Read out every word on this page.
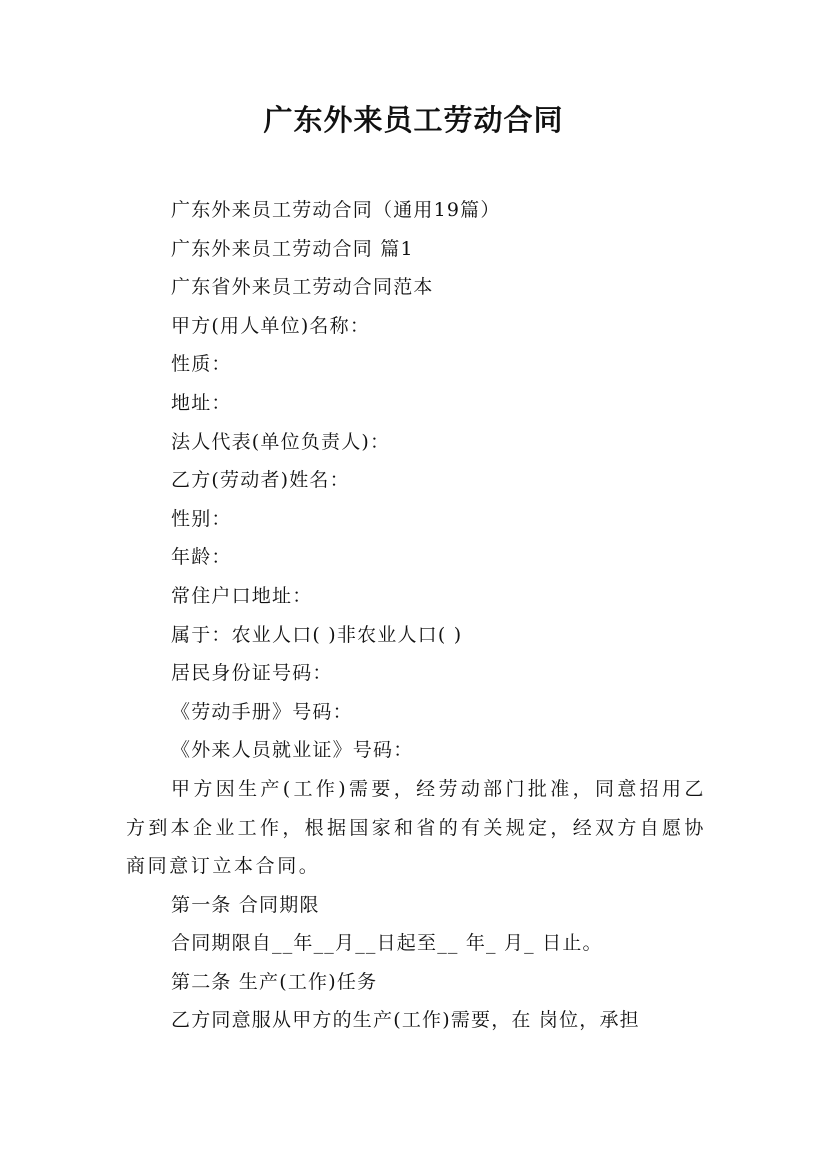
广东外来员工劳动合同

广东外来员工劳动合同（通用19篇）

广东外来员工劳动合同 篇1

广东省外来员工劳动合同范本

甲方(用人单位)名称：

性质：

地址：

法人代表(单位负责人)：

乙方(劳动者)姓名：

性别：

年龄：

常住户口地址：

属于：农业人口( )非农业人口( )

居民身份证号码：

《劳动手册》号码：

《外来人员就业证》号码：

甲方因生产(工作)需要，经劳动部门批准，同意招用乙方到本企业工作，根据国家和省的有关规定，经双方自愿协商同意订立本合同。

第一条 合同期限

合同期限自__年__月__日起至__ 年_ 月_ 日止。

第二条 生产(工作)任务

乙方同意服从甲方的生产(工作)需要，在 岗位，承担
